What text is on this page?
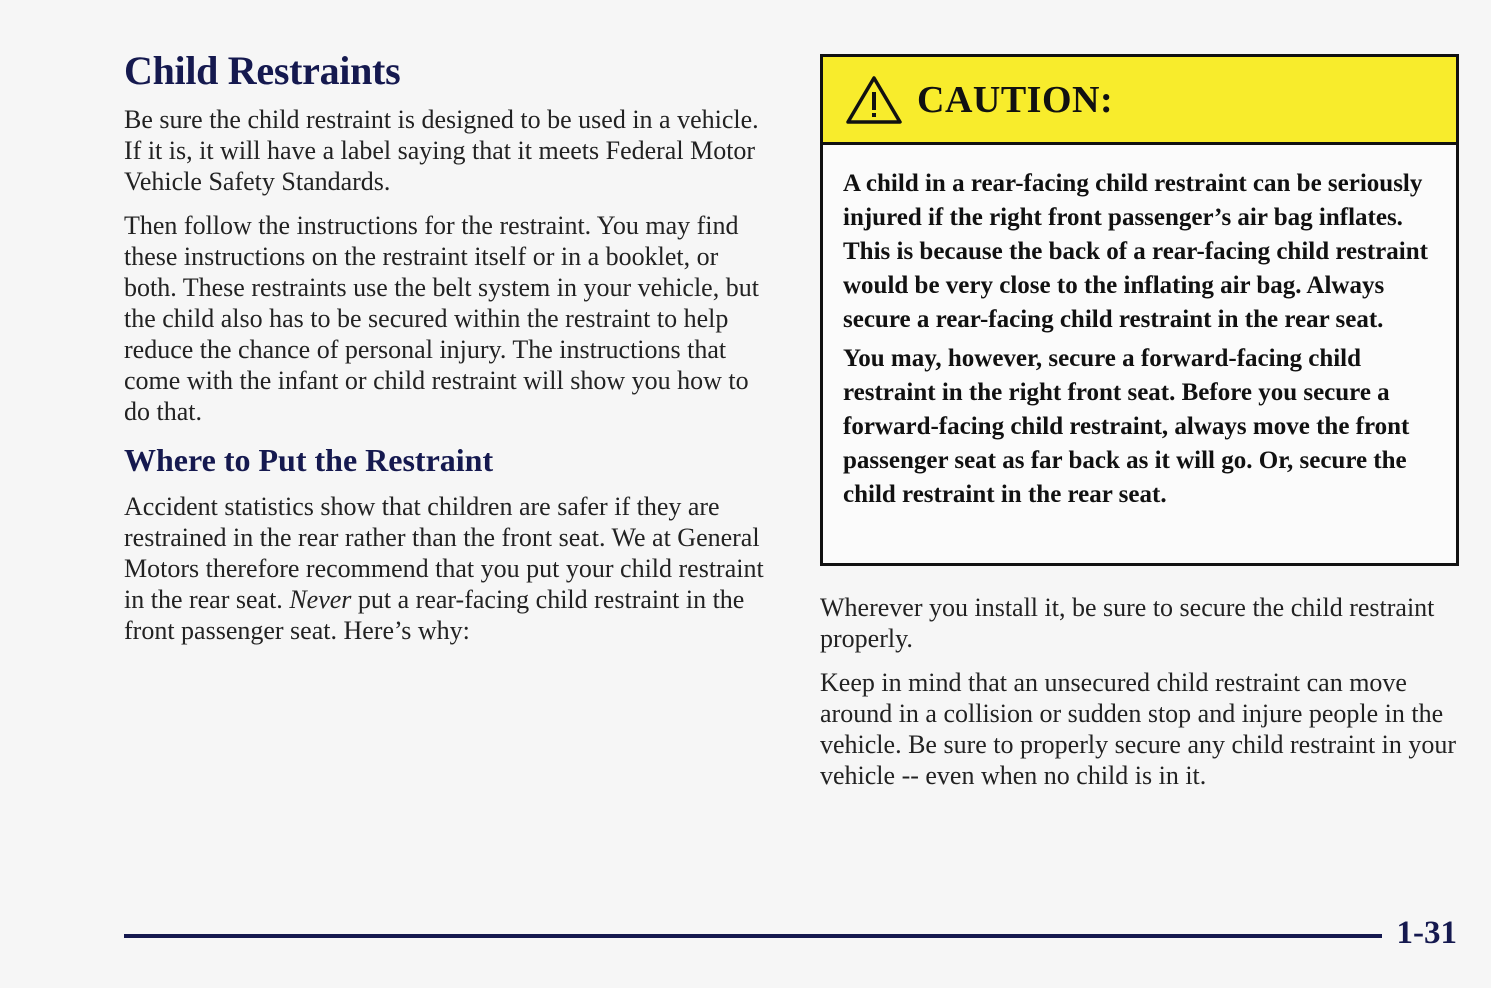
Child Restraints

Be sure the child restraint is designed to be used in a vehicle. If it is, it will have a label saying that it meets Federal Motor Vehicle Safety Standards.

Then follow the instructions for the restraint. You may find these instructions on the restraint itself or in a booklet, or both. These restraints use the belt system in your vehicle, but the child also has to be secured within the restraint to help reduce the chance of personal injury. The instructions that come with the infant or child restraint will show you how to do that.

Where to Put the Restraint

Accident statistics show that children are safer if they are restrained in the rear rather than the front seat. We at General Motors therefore recommend that you put your child restraint in the rear seat. Never put a rear-facing child restraint in the front passenger seat. Here’s why:

CAUTION:

A child in a rear-facing child restraint can be seriously injured if the right front passenger’s air bag inflates. This is because the back of a rear-facing child restraint would be very close to the inflating air bag. Always secure a rear-facing child restraint in the rear seat.

You may, however, secure a forward-facing child restraint in the right front seat. Before you secure a forward-facing child restraint, always move the front passenger seat as far back as it will go. Or, secure the child restraint in the rear seat.

Wherever you install it, be sure to secure the child restraint properly.

Keep in mind that an unsecured child restraint can move around in a collision or sudden stop and injure people in the vehicle. Be sure to properly secure any child restraint in your vehicle -- even when no child is in it.

1-31
